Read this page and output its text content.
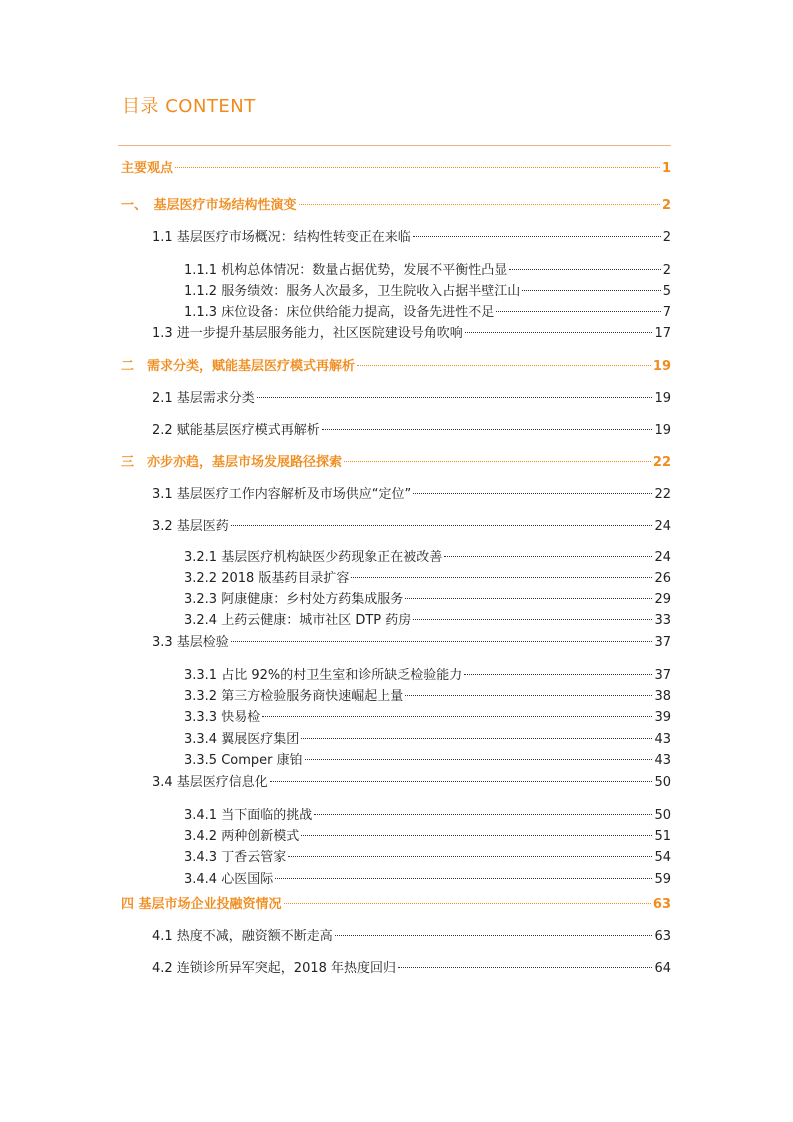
目录 CONTENT
主要观点	1
一、　基层医疗市场结构性演变	2
1.1 基层医疗市场概况：结构性转变正在来临	2
1.1.1 机构总体情况：数量占据优势，发展不平衡性凸显	2
1.1.2 服务绩效：服务人次最多，卫生院收入占据半壁江山	5
1.1.3 床位设备：床位供给能力提高，设备先进性不足	7
1.3 进一步提升基层服务能力，社区医院建设号角吹响	17
二　需求分类，赋能基层医疗模式再解析	19
2.1 基层需求分类	19
2.2 赋能基层医疗模式再解析	19
三　亦步亦趋，基层市场发展路径探索	22
3.1 基层医疗工作内容解析及市场供应“定位”	22
3.2 基层医药	24
3.2.1 基层医疗机构缺医少药现象正在被改善	24
3.2.2 2018 版基药目录扩容	26
3.2.3 阿康健康：乡村处方药集成服务	29
3.2.4 上药云健康：城市社区 DTP 药房	33
3.3 基层检验	37
3.3.1 占比 92%的村卫生室和诊所缺乏检验能力	37
3.3.2 第三方检验服务商快速崛起上量	38
3.3.3 快易检	39
3.3.4 翼展医疗集团	43
3.3.5 Comper 康铂	43
3.4 基层医疗信息化	50
3.4.1 当下面临的挑战	50
3.4.2 两种创新模式	51
3.4.3 丁香云管家	54
3.4.4 心医国际	59
四 基层市场企业投融资情况	63
4.1 热度不减，融资额不断走高	63
4.2 连锁诊所异军突起，2018 年热度回归	64
